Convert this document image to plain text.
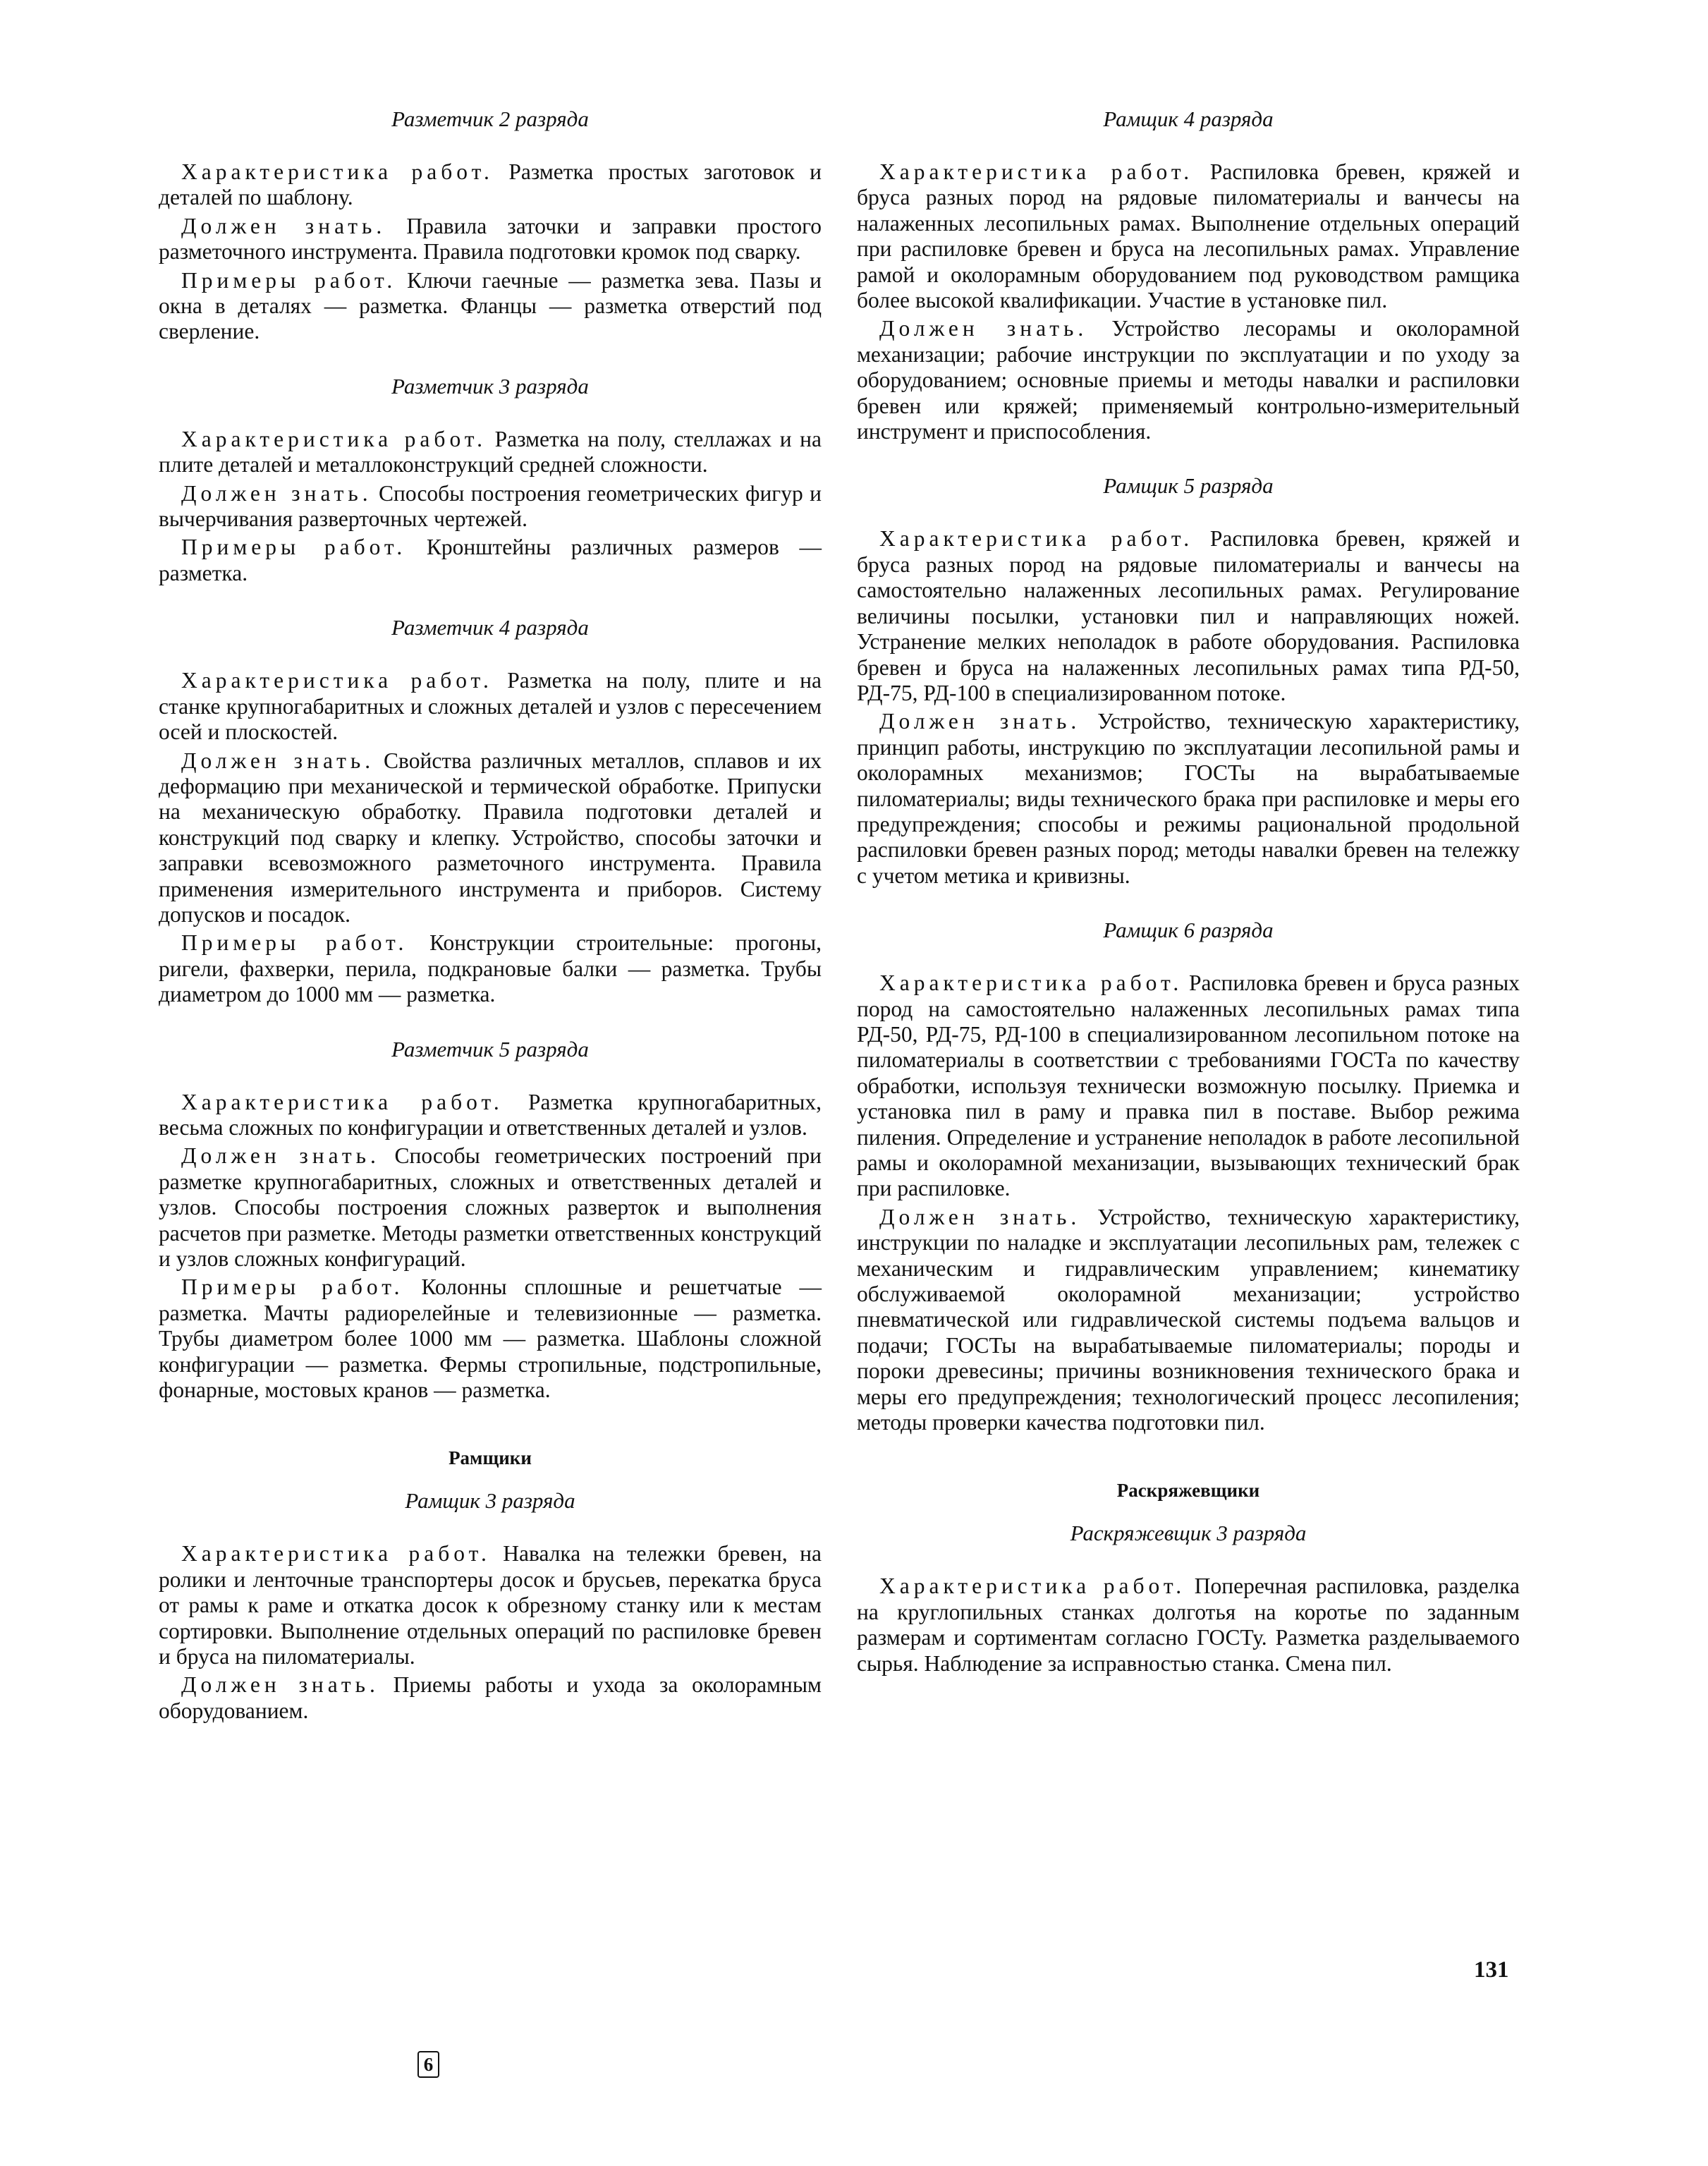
Разметчик 2 разряда

Характеристика работ. Разметка простых заготовок и деталей по шаблону.

Должен знать. Правила заточки и заправки простого разметочного инструмента. Правила подготовки кромок под сварку.

Примеры работ. Ключи гаечные — разметка зева. Пазы и окна в деталях — разметка. Фланцы — разметка отверстий под сверление.

Разметчик 3 разряда

Характеристика работ. Разметка на полу, стеллажах и на плите деталей и металлоконструкций средней сложности.

Должен знать. Способы построения геометрических фигур и вычерчивания разверточных чертежей.

Примеры работ. Кронштейны различных размеров — разметка.

Разметчик 4 разряда

Характеристика работ. Разметка на полу, плите и на станке крупногабаритных и сложных деталей и узлов с пересечением осей и плоскостей.

Должен знать. Свойства различных металлов, сплавов и их деформацию при механической и термической обработке. Припуски на механическую обработку. Правила подготовки деталей и конструкций под сварку и клепку. Устройство, способы заточки и заправки всевозможного разметочного инструмента. Правила применения измерительного инструмента и приборов. Систему допусков и посадок.

Примеры работ. Конструкции строительные: прогоны, ригели, фахверки, перила, подкрановые балки — разметка. Трубы диаметром до 1000 мм — разметка.

Разметчик 5 разряда

Характеристика работ. Разметка крупногабаритных, весьма сложных по конфигурации и ответственных деталей и узлов.

Должен знать. Способы геометрических построений при разметке крупногабаритных, сложных и ответственных деталей и узлов. Способы построения сложных разверток и выполнения расчетов при разметке. Методы разметки ответственных конструкций и узлов сложных конфигураций.

Примеры работ. Колонны сплошные и решетчатые — разметка. Мачты радиорелейные и телевизионные — разметка. Трубы диаметром более 1000 мм — разметка. Шаблоны сложной конфигурации — разметка. Фермы стропильные, подстропильные, фонарные, мостовых кранов — разметка.

Рамщики
Рамщик 3 разряда

Характеристика работ. Навалка на тележки бревен, на ролики и ленточные транспортеры досок и брусьев, перекатка бруса от рамы к раме и откатка досок к обрезному станку или к местам сортировки. Выполнение отдельных операций по распиловке бревен и бруса на пиломатериалы.

Должен знать. Приемы работы и ухода за околорамным оборудованием.

Рамщик 4 разряда

Характеристика работ. Распиловка бревен, кряжей и бруса разных пород на рядовые пиломатериалы и ванчесы на налаженных лесопильных рамах. Выполнение отдельных операций при распиловке бревен и бруса на лесопильных рамах. Управление рамой и околорамным оборудованием под руководством рамщика более высокой квалификации. Участие в установке пил.

Должен знать. Устройство лесорамы и околорамной механизации; рабочие инструкции по эксплуатации и по уходу за оборудованием; основные приемы и методы навалки и распиловки бревен или кряжей; применяемый контрольно-измерительный инструмент и приспособления.

Рамщик 5 разряда

Характеристика работ. Распиловка бревен, кряжей и бруса разных пород на рядовые пиломатериалы и ванчесы на самостоятельно налаженных лесопильных рамах. Регулирование величины посылки, установки пил и направляющих ножей. Устранение мелких неполадок в работе оборудования. Распиловка бревен и бруса на налаженных лесопильных рамах типа РД-50, РД-75, РД-100 в специализированном потоке.

Должен знать. Устройство, техническую характеристику, принцип работы, инструкцию по эксплуатации лесопильной рамы и околорамных механизмов; ГОСТы на вырабатываемые пиломатериалы; виды технического брака при распиловке и меры его предупреждения; способы и режимы рациональной продольной распиловки бревен разных пород; методы навалки бревен на тележку с учетом метика и кривизны.

Рамщик 6 разряда

Характеристика работ. Распиловка бревен и бруса разных пород на самостоятельно налаженных лесопильных рамах типа РД-50, РД-75, РД-100 в специализированном лесопильном потоке на пиломатериалы в соответствии с требованиями ГОСТа по качеству обработки, используя технически возможную посылку. Приемка и установка пил в раму и правка пил в поставе. Выбор режима пиления. Определение и устранение неполадок в работе лесопильной рамы и околорамной механизации, вызывающих технический брак при распиловке.

Должен знать. Устройство, техническую характеристику, инструкции по наладке и эксплуатации лесопильных рам, тележек с механическим и гидравлическим управлением; кинематику обслуживаемой околорамной механизации; устройство пневматической или гидравлической системы подъема вальцов и подачи; ГОСТы на вырабатываемые пиломатериалы; породы и пороки древесины; причины возникновения технического брака и меры его предупреждения; технологический процесс лесопиления; методы проверки качества подготовки пил.

Раскряжевщики
Раскряжевщик 3 разряда

Характеристика работ. Поперечная распиловка, разделка на круглопильных станках долготья на коротье по заданным размерам и сортиментам согласно ГОСТу. Разметка разделываемого сырья. Наблюдение за исправностью станка. Смена пил.

131
6
